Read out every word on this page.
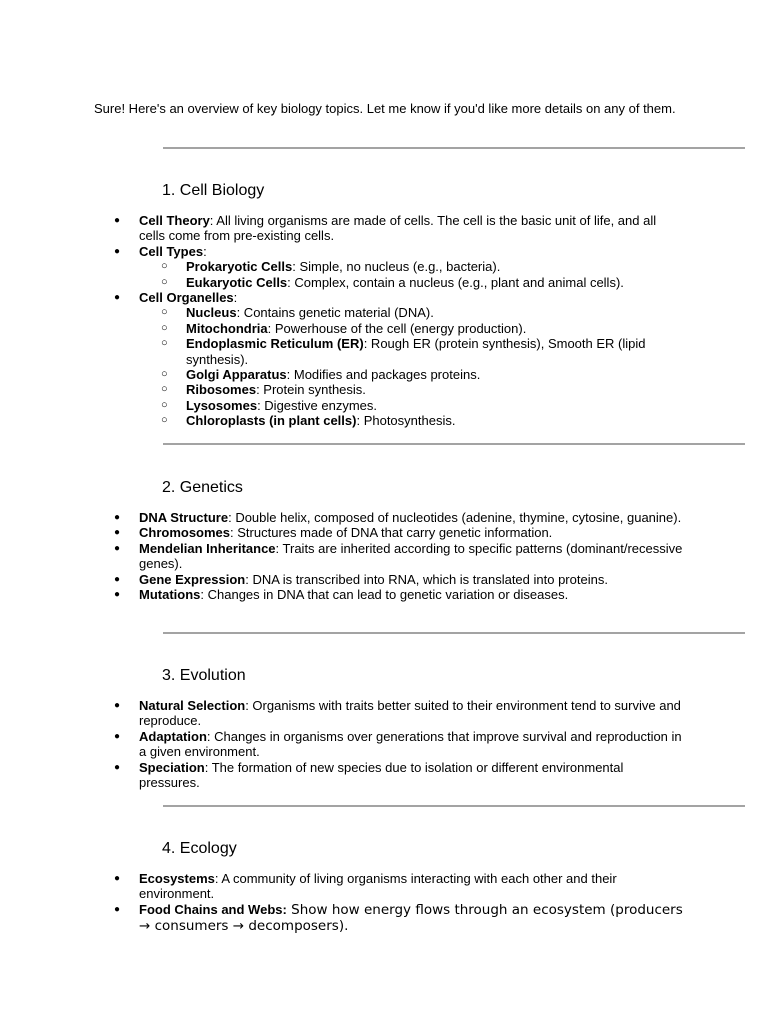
Sure! Here's an overview of key biology topics. Let me know if you'd like more details on any of them.

1. Cell Biology
● Cell Theory: All living organisms are made of cells. The cell is the basic unit of life, and all cells come from pre-existing cells.
● Cell Types:
○ Prokaryotic Cells: Simple, no nucleus (e.g., bacteria).
○ Eukaryotic Cells: Complex, contain a nucleus (e.g., plant and animal cells).
● Cell Organelles:
○ Nucleus: Contains genetic material (DNA).
○ Mitochondria: Powerhouse of the cell (energy production).
○ Endoplasmic Reticulum (ER): Rough ER (protein synthesis), Smooth ER (lipid synthesis).
○ Golgi Apparatus: Modifies and packages proteins.
○ Ribosomes: Protein synthesis.
○ Lysosomes: Digestive enzymes.
○ Chloroplasts (in plant cells): Photosynthesis.
2. Genetics
● DNA Structure: Double helix, composed of nucleotides (adenine, thymine, cytosine, guanine).
● Chromosomes: Structures made of DNA that carry genetic information.
● Mendelian Inheritance: Traits are inherited according to specific patterns (dominant/recessive genes).
● Gene Expression: DNA is transcribed into RNA, which is translated into proteins.
● Mutations: Changes in DNA that can lead to genetic variation or diseases.
3. Evolution
● Natural Selection: Organisms with traits better suited to their environment tend to survive and reproduce.
● Adaptation: Changes in organisms over generations that improve survival and reproduction in a given environment.
● Speciation: The formation of new species due to isolation or different environmental pressures.
4. Ecology
● Ecosystems: A community of living organisms interacting with each other and their environment.
● Food Chains and Webs: Show how energy flows through an ecosystem (producers → consumers → decomposers).
